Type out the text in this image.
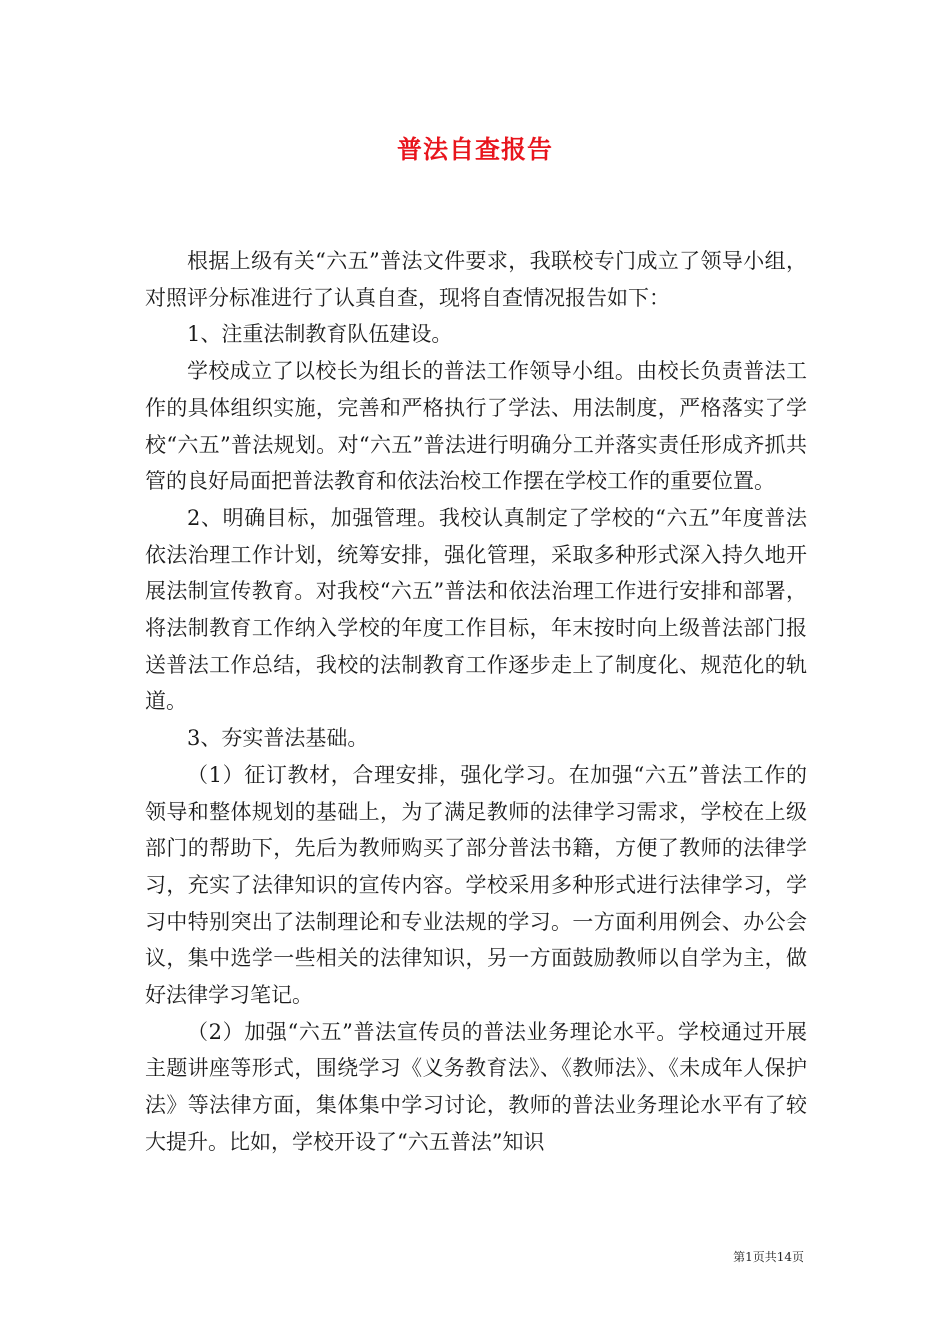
普法自查报告

根据上级有关“六五”普法文件要求，我联校专门成立了领导小组，对照评分标准进行了认真自查，现将自查情况报告如下：

1、注重法制教育队伍建设。

学校成立了以校长为组长的普法工作领导小组。由校长负责普法工作的具体组织实施，完善和严格执行了学法、用法制度，严格落实了学校“六五”普法规划。对“六五”普法进行明确分工并落实责任形成齐抓共管的良好局面把普法教育和依法治校工作摆在学校工作的重要位置。

2、明确目标，加强管理。我校认真制定了学校的“六五”年度普法依法治理工作计划，统筹安排，强化管理，采取多种形式深入持久地开展法制宣传教育。对我校“六五”普法和依法治理工作进行安排和部署，将法制教育工作纳入学校的年度工作目标，年末按时向上级普法部门报送普法工作总结，我校的法制教育工作逐步走上了制度化、规范化的轨道。

3、夯实普法基础。

（1）征订教材，合理安排，强化学习。在加强“六五”普法工作的领导和整体规划的基础上，为了满足教师的法律学习需求，学校在上级部门的帮助下，先后为教师购买了部分普法书籍，方便了教师的法律学习，充实了法律知识的宣传内容。学校采用多种形式进行法律学习，学习中特别突出了法制理论和专业法规的学习。一方面利用例会、办公会议，集中选学一些相关的法律知识，另一方面鼓励教师以自学为主，做好法律学习笔记。

（2）加强“六五”普法宣传员的普法业务理论水平。学校通过开展主题讲座等形式，围绕学习《义务教育法》、《教师法》、《未成年人保护法》等法律方面，集体集中学习讨论，教师的普法业务理论水平有了较大提升。比如，学校开设了“六五普法”知识

第1页共14页
